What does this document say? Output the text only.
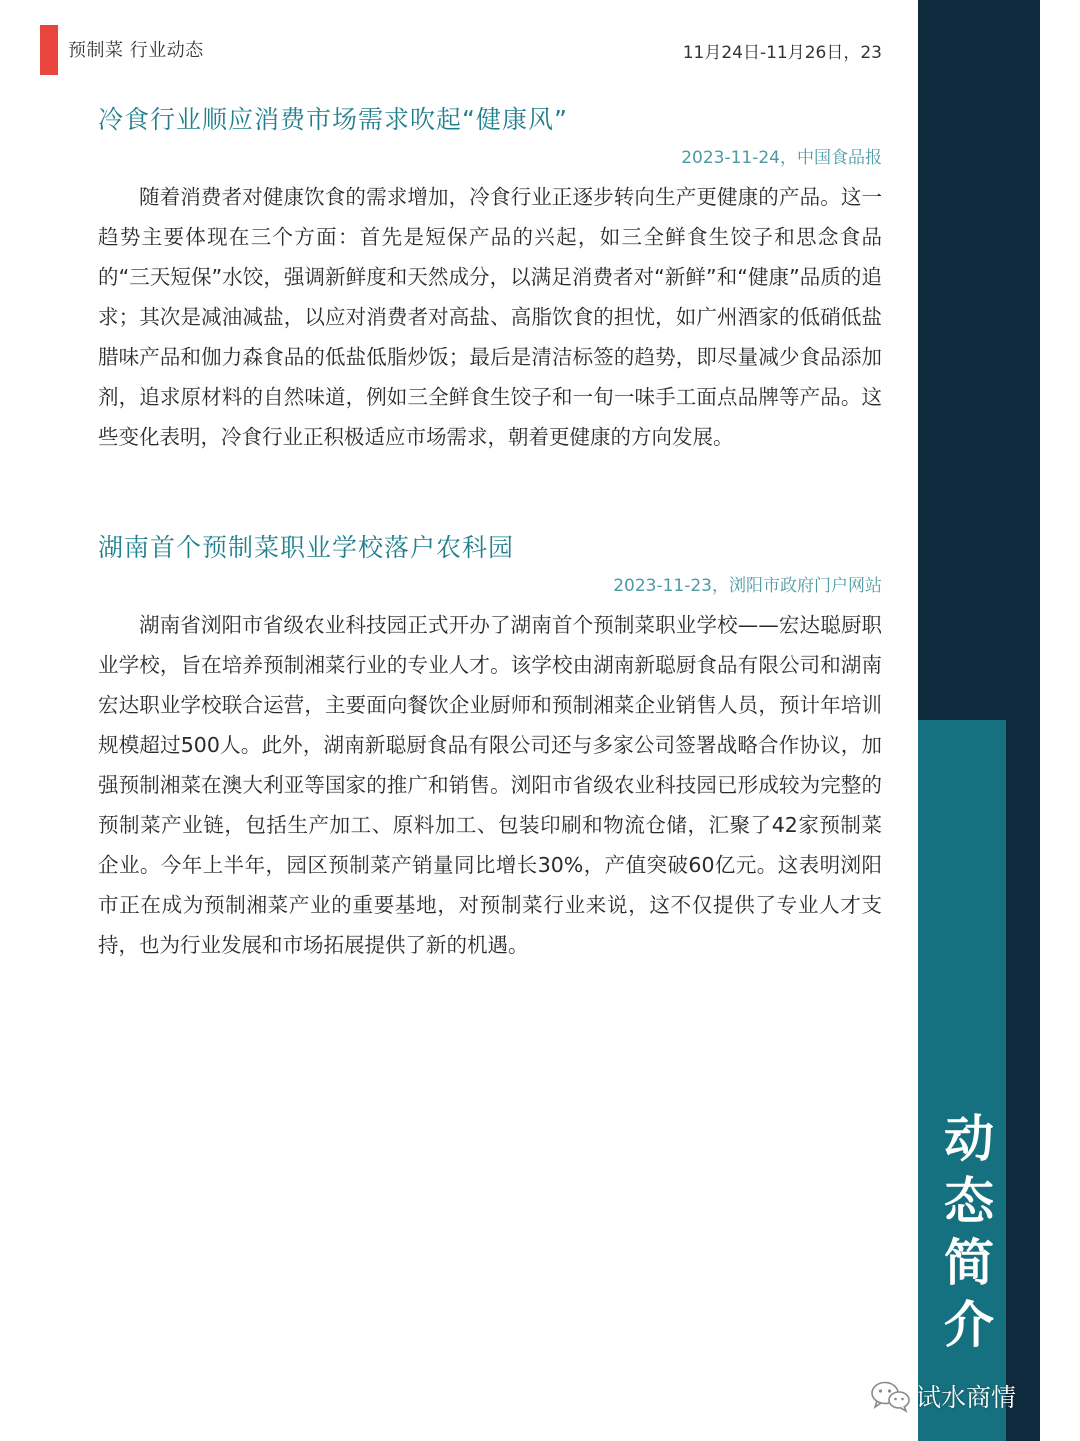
预制菜 行业动态	11月24日-11月26日，23
冷食行业顺应消费市场需求吹起“健康风”
2023-11-24，中国食品报

随着消费者对健康饮食的需求增加，冷食行业正逐步转向生产更健康的产品。这一趋势主要体现在三个方面：首先是短保产品的兴起，如三全鲜食生饺子和思念食品的“三天短保”水饺，强调新鲜度和天然成分，以满足消费者对“新鲜”和“健康”品质的追求；其次是减油减盐，以应对消费者对高盐、高脂饮食的担忧，如广州酒家的低硝低盐腊味产品和伽力森食品的低盐低脂炒饭；最后是清洁标签的趋势，即尽量减少食品添加剂，追求原材料的自然味道，例如三全鲜食生饺子和一旬一味手工面点品牌等产品。这些变化表明，冷食行业正积极适应市场需求，朝着更健康的方向发展。

湖南首个预制菜职业学校落户农科园
2023-11-23，浏阳市政府门户网站

湖南省浏阳市省级农业科技园正式开办了湖南首个预制菜职业学校——宏达聪厨职业学校，旨在培养预制湘菜行业的专业人才。该学校由湖南新聪厨食品有限公司和湖南宏达职业学校联合运营，主要面向餐饮企业厨师和预制湘菜企业销售人员，预计年培训规模超过500人。此外，湖南新聪厨食品有限公司还与多家公司签署战略合作协议，加强预制湘菜在澳大利亚等国家的推广和销售。浏阳市省级农业科技园已形成较为完整的预制菜产业链，包括生产加工、原料加工、包装印刷和物流仓储，汇聚了42家预制菜企业。今年上半年，园区预制菜产销量同比增长30%，产值突破60亿元。这表明浏阳市正在成为预制湘菜产业的重要基地，对预制菜行业来说，这不仅提供了专业人才支持，也为行业发展和市场拓展提供了新的机遇。

动
态
简
介
试水商情
